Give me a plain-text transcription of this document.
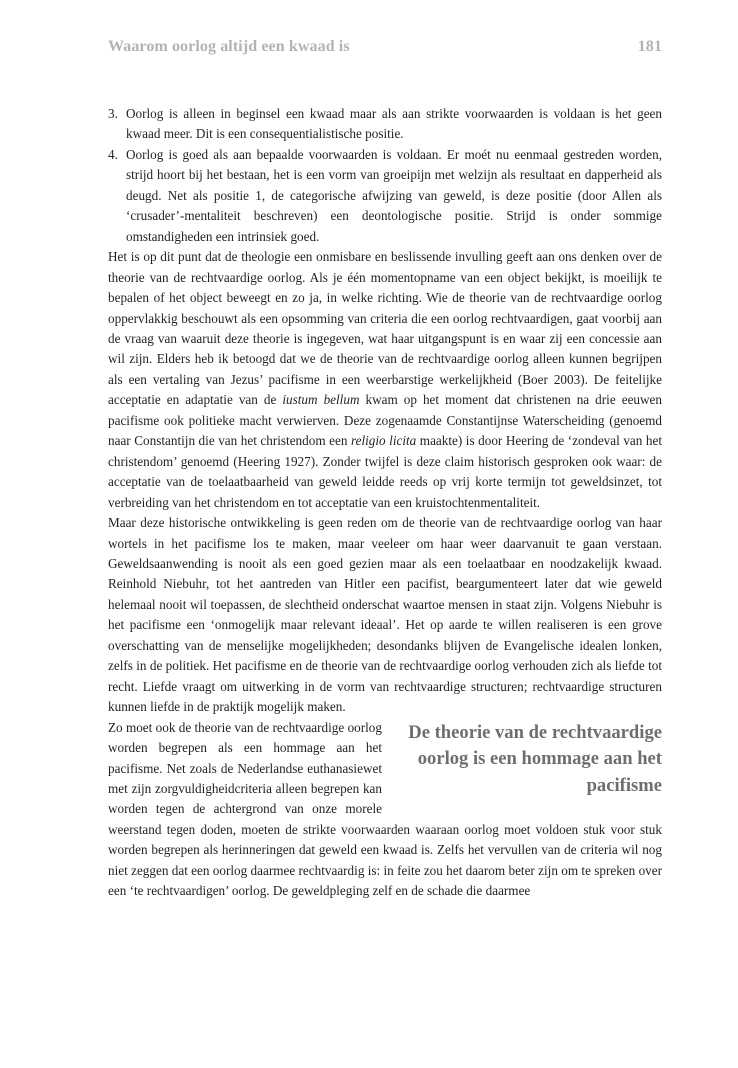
Waarom oorlog altijd een kwaad is	181
3. Oorlog is alleen in beginsel een kwaad maar als aan strikte voorwaarden is voldaan is het geen kwaad meer. Dit is een consequentialistische positie.
4. Oorlog is goed als aan bepaalde voorwaarden is voldaan. Er moét nu eenmaal gestreden worden, strijd hoort bij het bestaan, het is een vorm van groeipijn met welzijn als resultaat en dapperheid als deugd. Net als positie 1, de categorische afwijzing van geweld, is deze positie (door Allen als ‘crusader’-mentaliteit beschreven) een deontologische positie. Strijd is onder sommige omstandigheden een intrinsiek goed.

Het is op dit punt dat de theologie een onmisbare en beslissende invulling geeft aan ons denken over de theorie van de rechtvaardige oorlog. Als je één momentopname van een object bekijkt, is moeilijk te bepalen of het object beweegt en zo ja, in welke richting. Wie de theorie van de rechtvaardige oorlog oppervlakkig beschouwt als een opsomming van criteria die een oorlog rechtvaardigen, gaat voorbij aan de vraag van waaruit deze theorie is ingegeven, wat haar uitgangspunt is en waar zij een concessie aan wil zijn. Elders heb ik betoogd dat we de theorie van de rechtvaardige oorlog alleen kunnen begrijpen als een vertaling van Jezus’ pacifisme in een weerbarstige werkelijkheid (Boer 2003). De feitelijke acceptatie en adaptatie van de iustum bellum kwam op het moment dat christenen na drie eeuwen pacifisme ook politieke macht verwierven. Deze zogenaamde Constantijnse Waterscheiding (genoemd naar Constantijn die van het christendom een religio licita maakte) is door Heering de ‘zondeval van het christendom’ genoemd (Heering 1927). Zonder twijfel is deze claim historisch gesproken ook waar: de acceptatie van de toelaatbaarheid van geweld leidde reeds op vrij korte termijn tot geweldsinzet, tot verbreiding van het christendom en tot acceptatie van een kruistochtenmentaliteit.

Maar deze historische ontwikkeling is geen reden om de theorie van de rechtvaardige oorlog van haar wortels in het pacifisme los te maken, maar veeleer om haar weer daarvanuit te gaan verstaan. Geweldsaanwending is nooit als een goed gezien maar als een toelaatbaar en noodzakelijk kwaad. Reinhold Niebuhr, tot het aantreden van Hitler een pacifist, beargumenteert later dat wie geweld helemaal nooit wil toepassen, de slechtheid onderschat waartoe mensen in staat zijn. Volgens Niebuhr is het pacifisme een ‘onmogelijk maar relevant ideaal’. Het op aarde te willen realiseren is een grove overschatting van de menselijke mogelijkheden; desondanks blijven de Evangelische idealen lonken, zelfs in de politiek. Het pacifisme en de theorie van de rechtvaardige oorlog verhouden zich als liefde tot recht. Liefde vraagt om uitwerking in de vorm van rechtvaardige structuren; rechtvaardige structuren kunnen liefde in de praktijk mogelijk maken.

De theorie van de rechtvaardige oorlog is een hommage aan het pacifisme

Zo moet ook de theorie van de rechtvaardige oorlog worden begrepen als een hommage aan het pacifisme. Net zoals de Nederlandse euthanasiewet met zijn zorgvuldigheidcriteria alleen begrepen kan worden tegen de achtergrond van onze morele weerstand tegen doden, moeten de strikte voorwaarden waaraan oorlog moet voldoen stuk voor stuk worden begrepen als herinneringen dat geweld een kwaad is. Zelfs het vervullen van de criteria wil nog niet zeggen dat een oorlog daarmee rechtvaardig is: in feite zou het daarom beter zijn om te spreken over een ‘te rechtvaardigen’ oorlog. De geweldpleging zelf en de schade die daarmee
